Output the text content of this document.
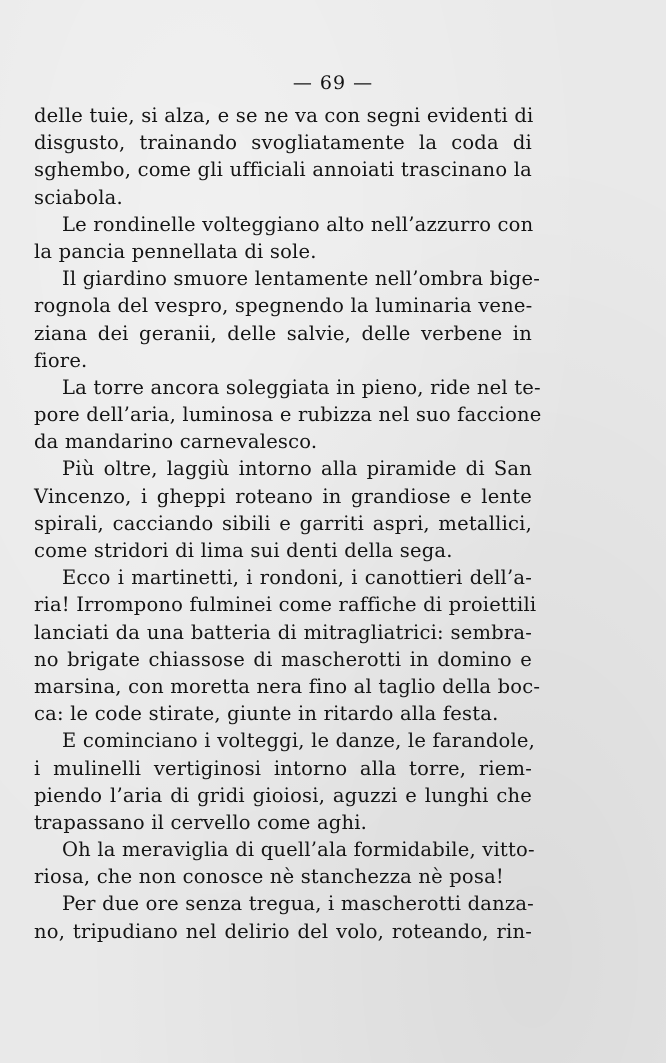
— 69 —
delle tuie, si alza, e se ne va con segni evidenti di
disgusto, trainando svogliatamente la coda di
sghembo, come gli ufficiali annoiati trascinano la
sciabola.
Le rondinelle volteggiano alto nell’azzurro con
la pancia pennellata di sole.
Il giardino smuore lentamente nell’ombra bige-
rognola del vespro, spegnendo la luminaria vene-
ziana dei geranii, delle salvie, delle verbene in
fiore.
La torre ancora soleggiata in pieno, ride nel te-
pore dell’aria, luminosa e rubizza nel suo faccione
da mandarino carnevalesco.
Più oltre, laggiù intorno alla piramide di San
Vincenzo, i gheppi roteano in grandiose e lente
spirali, cacciando sibili e garriti aspri, metallici,
come stridori di lima sui denti della sega.
Ecco i martinetti, i rondoni, i canottieri dell’a-
ria! Irrompono fulminei come raffiche di proiettili
lanciati da una batteria di mitragliatrici: sembra-
no brigate chiassose di mascherotti in domino e
marsina, con moretta nera fino al taglio della boc-
ca: le code stirate, giunte in ritardo alla festa.
E cominciano i volteggi, le danze, le farandole,
i mulinelli vertiginosi intorno alla torre, riem-
piendo l’aria di gridi gioiosi, aguzzi e lunghi che
trapassano il cervello come aghi.
Oh la meraviglia di quell’ala formidabile, vitto-
riosa, che non conosce nè stanchezza nè posa!
Per due ore senza tregua, i mascherotti danza-
no, tripudiano nel delirio del volo, roteando, rin-
